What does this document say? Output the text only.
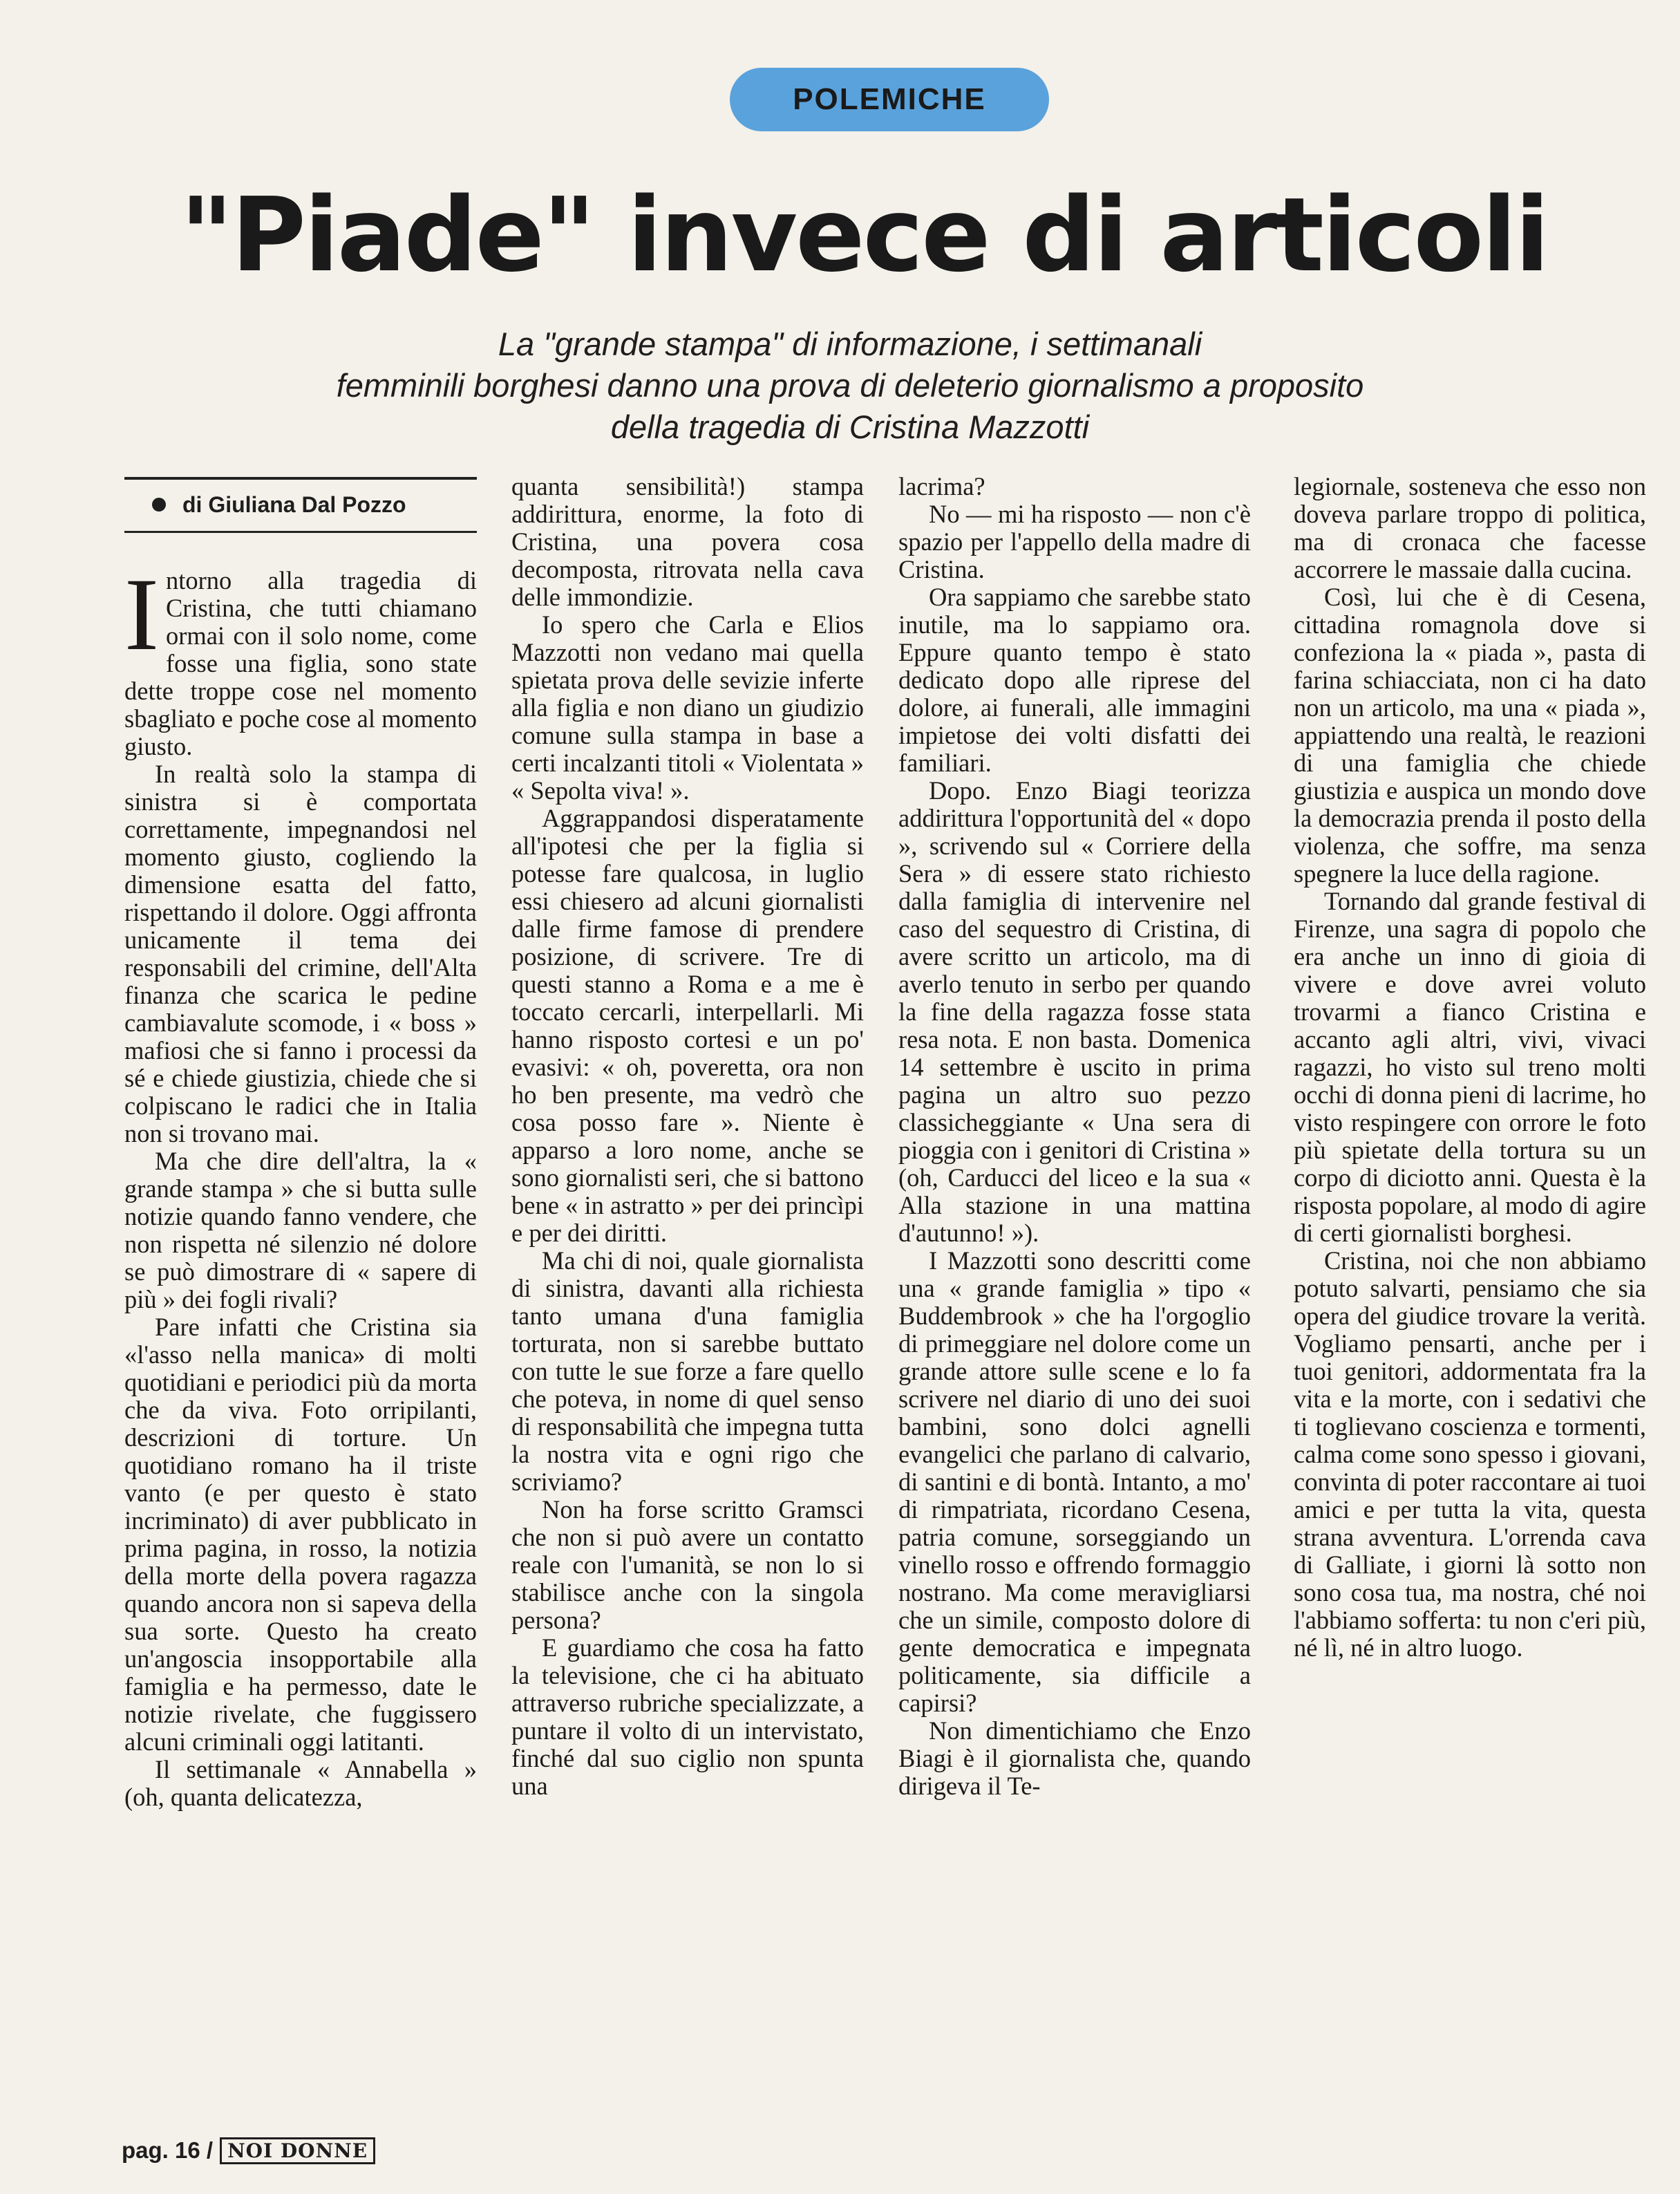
POLEMICHE
"Piade" invece di articoli
La "grande stampa" di informazione, i settimanali
femminili borghesi danno una prova di deleterio giornalismo a proposito
della tragedia di Cristina Mazzotti
di Giuliana Dal Pozzo

Intorno alla tragedia di Cristina, che tutti chiamano ormai con il solo nome, come fosse una figlia, sono state dette troppe cose nel momento sbagliato e poche cose al momento giusto.

In realtà solo la stampa di sinistra si è comportata correttamente, impegnandosi nel momento giusto, cogliendo la dimensione esatta del fatto, rispettando il dolore. Oggi affronta unicamente il tema dei responsabili del crimine, dell'Alta finanza che scarica le pedine cambiavalute scomode, i « boss » mafiosi che si fanno i processi da sé e chiede giustizia, chiede che si colpiscano le radici che in Italia non si trovano mai.

Ma che dire dell'altra, la « grande stampa » che si butta sulle notizie quando fanno vendere, che non rispetta né silenzio né dolore se può dimostrare di « sapere di più » dei fogli rivali?

Pare infatti che Cristina sia «l'asso nella manica» di molti quotidiani e periodici più da morta che da viva. Foto orripilanti, descrizioni di torture. Un quotidiano romano ha il triste vanto (e per questo è stato incriminato) di aver pubblicato in prima pagina, in rosso, la notizia della morte della povera ragazza quando ancora non si sapeva della sua sorte. Questo ha creato un'angoscia insopportabile alla famiglia e ha permesso, date le notizie rivelate, che fuggissero alcuni criminali oggi latitanti.

Il settimanale « Annabella » (oh, quanta delicatezza,

quanta sensibilità!) stampa addirittura, enorme, la foto di Cristina, una povera cosa decomposta, ritrovata nella cava delle immondizie.

Io spero che Carla e Elios Mazzotti non vedano mai quella spietata prova delle sevizie inferte alla figlia e non diano un giudizio comune sulla stampa in base a certi incalzanti titoli « Violentata » « Sepolta viva! ».

Aggrappandosi disperatamente all'ipotesi che per la figlia si potesse fare qualcosa, in luglio essi chiesero ad alcuni giornalisti dalle firme famose di prendere posizione, di scrivere. Tre di questi stanno a Roma e a me è toccato cercarli, interpellarli. Mi hanno risposto cortesi e un po' evasivi: « oh, poveretta, ora non ho ben presente, ma vedrò che cosa posso fare ». Niente è apparso a loro nome, anche se sono giornalisti seri, che si battono bene « in astratto » per dei princìpi e per dei diritti.

Ma chi di noi, quale giornalista di sinistra, davanti alla richiesta tanto umana d'una famiglia torturata, non si sarebbe buttato con tutte le sue forze a fare quello che poteva, in nome di quel senso di responsabilità che impegna tutta la nostra vita e ogni rigo che scriviamo?

Non ha forse scritto Gramsci che non si può avere un contatto reale con l'umanità, se non lo si stabilisce anche con la singola persona?

E guardiamo che cosa ha fatto la televisione, che ci ha abituato attraverso rubriche specializzate, a puntare il volto di un intervistato, finché dal suo ciglio non spunta una

lacrima?

No — mi ha risposto — non c'è spazio per l'appello della madre di Cristina.

Ora sappiamo che sarebbe stato inutile, ma lo sappiamo ora. Eppure quanto tempo è stato dedicato dopo alle riprese del dolore, ai funerali, alle immagini impietose dei volti disfatti dei familiari.

Dopo. Enzo Biagi teorizza addirittura l'opportunità del « dopo », scrivendo sul « Corriere della Sera » di essere stato richiesto dalla famiglia di intervenire nel caso del sequestro di Cristina, di avere scritto un articolo, ma di averlo tenuto in serbo per quando la fine della ragazza fosse stata resa nota. E non basta. Domenica 14 settembre è uscito in prima pagina un altro suo pezzo classicheggiante « Una sera di pioggia con i genitori di Cristina » (oh, Carducci del liceo e la sua « Alla stazione in una mattina d'autunno! »).

I Mazzotti sono descritti come una « grande famiglia » tipo « Buddembrook » che ha l'orgoglio di primeggiare nel dolore come un grande attore sulle scene e lo fa scrivere nel diario di uno dei suoi bambini, sono dolci agnelli evangelici che parlano di calvario, di santini e di bontà. Intanto, a mo' di rimpatriata, ricordano Cesena, patria comune, sorseggiando un vinello rosso e offrendo formaggio nostrano. Ma come meravigliarsi che un simile, composto dolore di gente democratica e impegnata politicamente, sia difficile a capirsi?

Non dimentichiamo che Enzo Biagi è il giornalista che, quando dirigeva il Te-

legiornale, sosteneva che esso non doveva parlare troppo di politica, ma di cronaca che facesse accorrere le massaie dalla cucina.

Così, lui che è di Cesena, cittadina romagnola dove si confeziona la « piada », pasta di farina schiacciata, non ci ha dato non un articolo, ma una « piada », appiattendo una realtà, le reazioni di una famiglia che chiede giustizia e auspica un mondo dove la democrazia prenda il posto della violenza, che soffre, ma senza spegnere la luce della ragione.

Tornando dal grande festival di Firenze, una sagra di popolo che era anche un inno di gioia di vivere e dove avrei voluto trovarmi a fianco Cristina e accanto agli altri, vivi, vivaci ragazzi, ho visto sul treno molti occhi di donna pieni di lacrime, ho visto respingere con orrore le foto più spietate della tortura su un corpo di diciotto anni. Questa è la risposta popolare, al modo di agire di certi giornalisti borghesi.

Cristina, noi che non abbiamo potuto salvarti, pensiamo che sia opera del giudice trovare la verità. Vogliamo pensarti, anche per i tuoi genitori, addormentata fra la vita e la morte, con i sedativi che ti toglievano coscienza e tormenti, calma come sono spesso i giovani, convinta di poter raccontare ai tuoi amici e per tutta la vita, questa strana avventura. L'orrenda cava di Galliate, i giorni là sotto non sono cosa tua, ma nostra, ché noi l'abbiamo sofferta: tu non c'eri più, né lì, né in altro luogo.

pag. 16 / NOI DONNE
